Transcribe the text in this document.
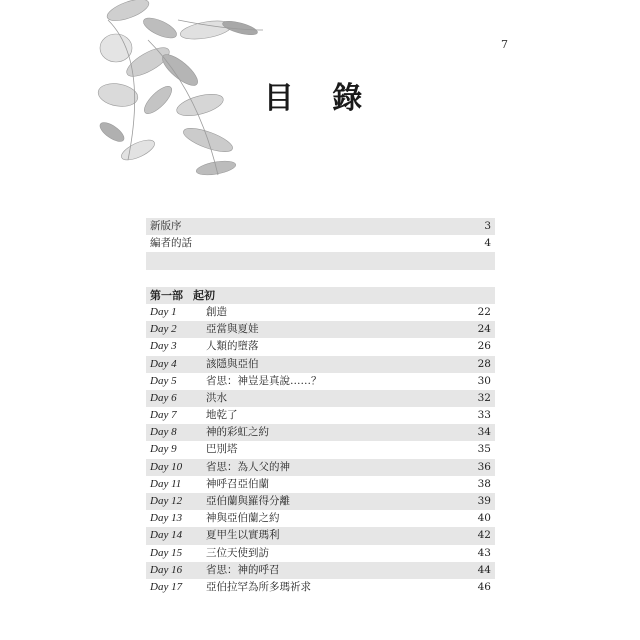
7
目 錄
新版序	3
編者的話	4
第一部 起初
Day 1	創造	22
Day 2	亞當與夏娃	24
Day 3	人類的墮落	26
Day 4	該隱與亞伯	28
Day 5	省思：神豈是真說……？	30
Day 6	洪水	32
Day 7	地乾了	33
Day 8	神的彩虹之約	34
Day 9	巴別塔	35
Day 10	省思：為人父的神	36
Day 11	神呼召亞伯蘭	38
Day 12	亞伯蘭與羅得分離	39
Day 13	神與亞伯蘭之約	40
Day 14	夏甲生以實瑪利	42
Day 15	三位天使到訪	43
Day 16	省思：神的呼召	44
Day 17	亞伯拉罕為所多瑪祈求	46
